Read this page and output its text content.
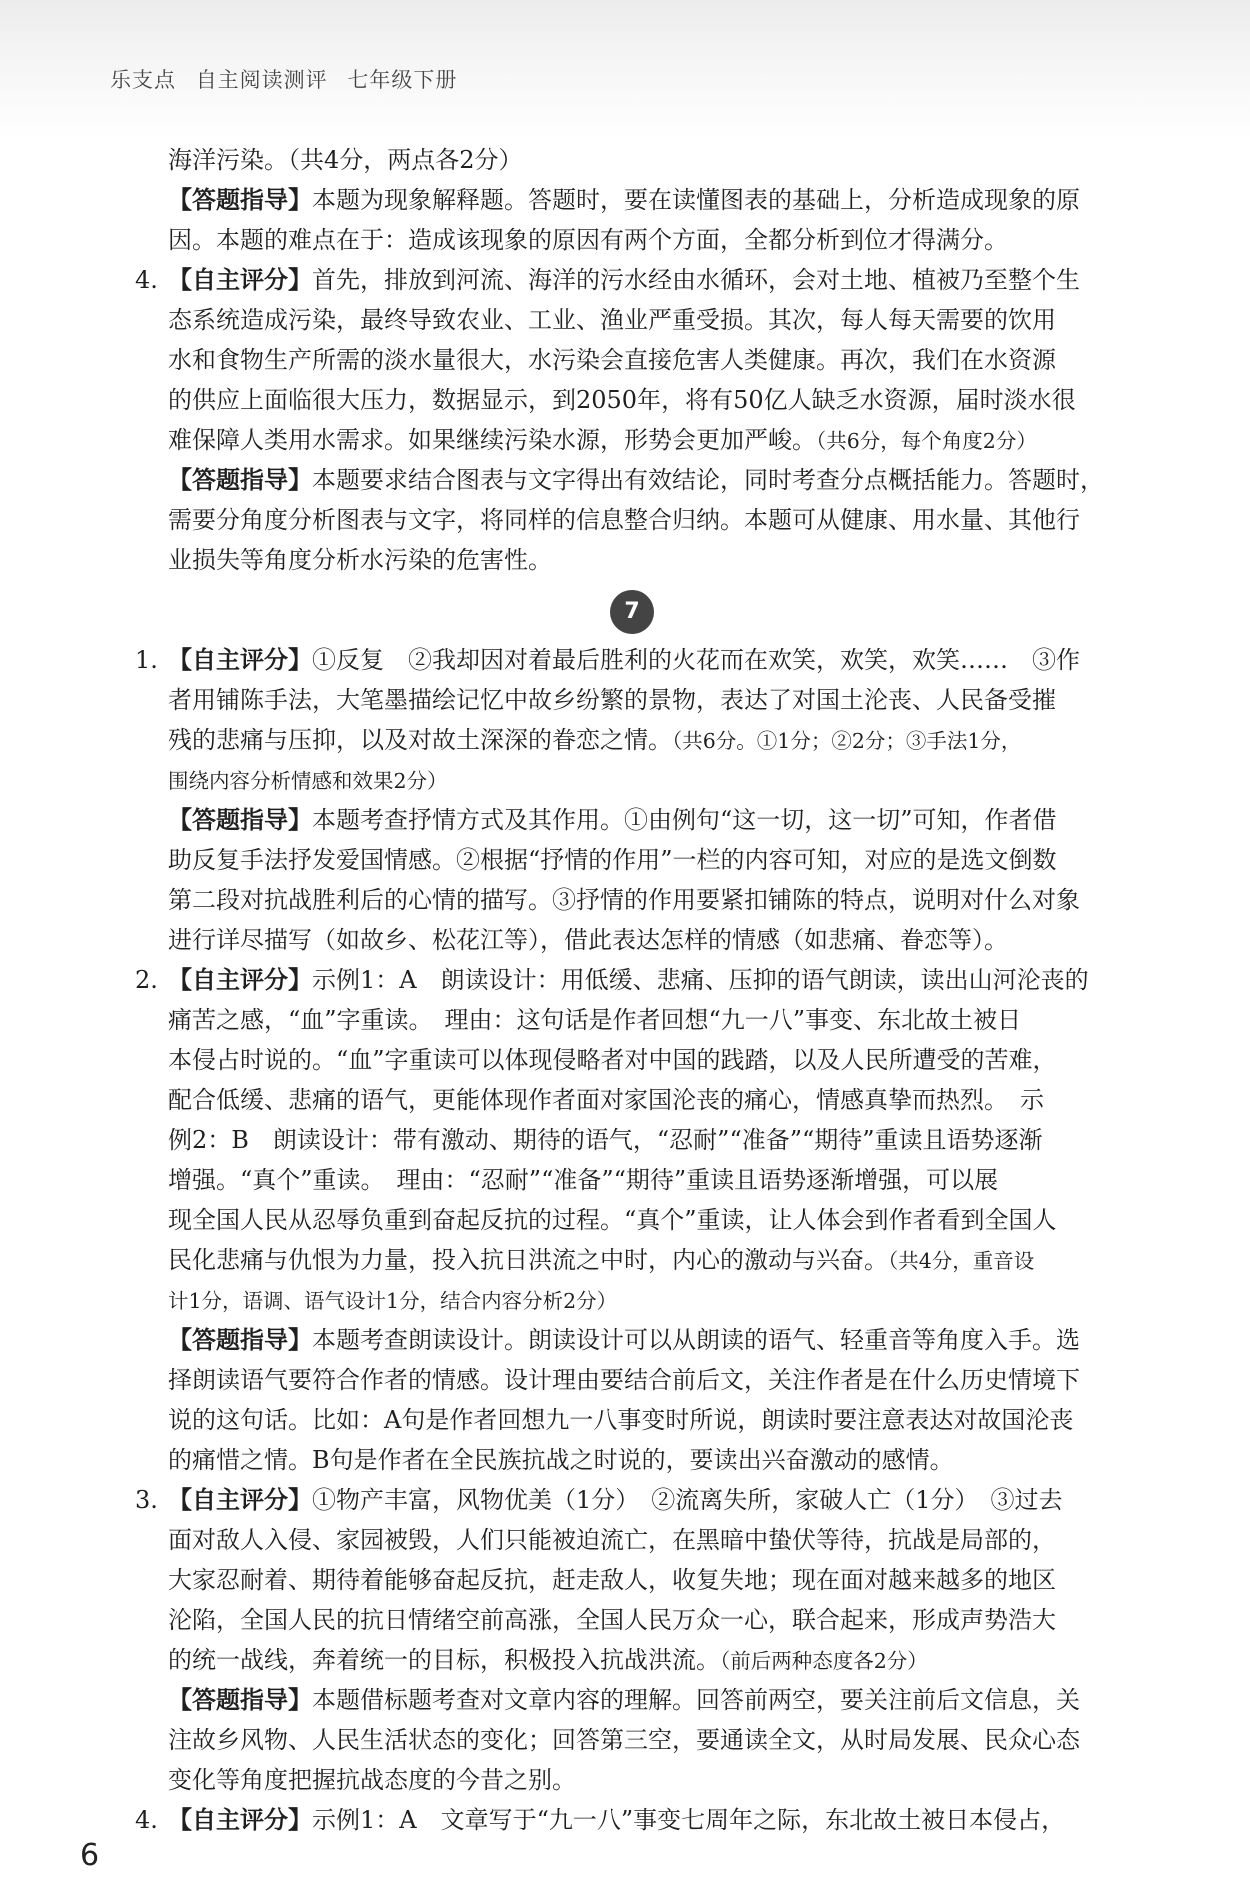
乐支点 自主阅读测评 七年级下册
海洋污染。（共4分，两点各2分）
【答题指导】本题为现象解释题。答题时，要在读懂图表的基础上，分析造成现象的原
因。本题的难点在于：造成该现象的原因有两个方面，全都分析到位才得满分。
4. 【自主评分】首先，排放到河流、海洋的污水经由水循环，会对土地、植被乃至整个生
态系统造成污染，最终导致农业、工业、渔业严重受损。其次，每人每天需要的饮用
水和食物生产所需的淡水量很大，水污染会直接危害人类健康。再次，我们在水资源
的供应上面临很大压力，数据显示，到2050年，将有50亿人缺乏水资源，届时淡水很
难保障人类用水需求。如果继续污染水源，形势会更加严峻。（共6分，每个角度2分）
【答题指导】本题要求结合图表与文字得出有效结论，同时考查分点概括能力。答题时，
需要分角度分析图表与文字，将同样的信息整合归纳。本题可从健康、用水量、其他行
业损失等角度分析水污染的危害性。
7
1. 【自主评分】①反复　②我却因对着最后胜利的火花而在欢笑，欢笑，欢笑……　③作
者用铺陈手法，大笔墨描绘记忆中故乡纷繁的景物，表达了对国土沦丧、人民备受摧
残的悲痛与压抑，以及对故土深深的眷恋之情。（共6分。①1分；②2分；③手法1分，
围绕内容分析情感和效果2分）
【答题指导】本题考查抒情方式及其作用。①由例句“这一切，这一切”可知，作者借
助反复手法抒发爱国情感。②根据“抒情的作用”一栏的内容可知，对应的是选文倒数
第二段对抗战胜利后的心情的描写。③抒情的作用要紧扣铺陈的特点，说明对什么对象
进行详尽描写（如故乡、松花江等），借此表达怎样的情感（如悲痛、眷恋等）。
2. 【自主评分】示例1：A　朗读设计：用低缓、悲痛、压抑的语气朗读，读出山河沦丧的
痛苦之感，“血”字重读。　理由：这句话是作者回想“九一八”事变、东北故土被日
本侵占时说的。“血”字重读可以体现侵略者对中国的践踏，以及人民所遭受的苦难，
配合低缓、悲痛的语气，更能体现作者面对家国沦丧的痛心，情感真挚而热烈。　示
例2：B　朗读设计：带有激动、期待的语气，“忍耐”“准备”“期待”重读且语势逐渐
增强。“真个”重读。　理由：“忍耐”“准备”“期待”重读且语势逐渐增强，可以展
现全国人民从忍辱负重到奋起反抗的过程。“真个”重读，让人体会到作者看到全国人
民化悲痛与仇恨为力量，投入抗日洪流之中时，内心的激动与兴奋。（共4分，重音设
计1分，语调、语气设计1分，结合内容分析2分）
【答题指导】本题考查朗读设计。朗读设计可以从朗读的语气、轻重音等角度入手。选
择朗读语气要符合作者的情感。设计理由要结合前后文，关注作者是在什么历史情境下
说的这句话。比如：A句是作者回想九一八事变时所说，朗读时要注意表达对故国沦丧
的痛惜之情。B句是作者在全民族抗战之时说的，要读出兴奋激动的感情。
3. 【自主评分】①物产丰富，风物优美（1分）　②流离失所，家破人亡（1分）　③过去
面对敌人入侵、家园被毁，人们只能被迫流亡，在黑暗中蛰伏等待，抗战是局部的，
大家忍耐着、期待着能够奋起反抗，赶走敌人，收复失地；现在面对越来越多的地区
沦陷，全国人民的抗日情绪空前高涨，全国人民万众一心，联合起来，形成声势浩大
的统一战线，奔着统一的目标，积极投入抗战洪流。（前后两种态度各2分）
【答题指导】本题借标题考查对文章内容的理解。回答前两空，要关注前后文信息，关
注故乡风物、人民生活状态的变化；回答第三空，要通读全文，从时局发展、民众心态
变化等角度把握抗战态度的今昔之别。
4. 【自主评分】示例1：A　文章写于“九一八”事变七周年之际，东北故土被日本侵占，
6
